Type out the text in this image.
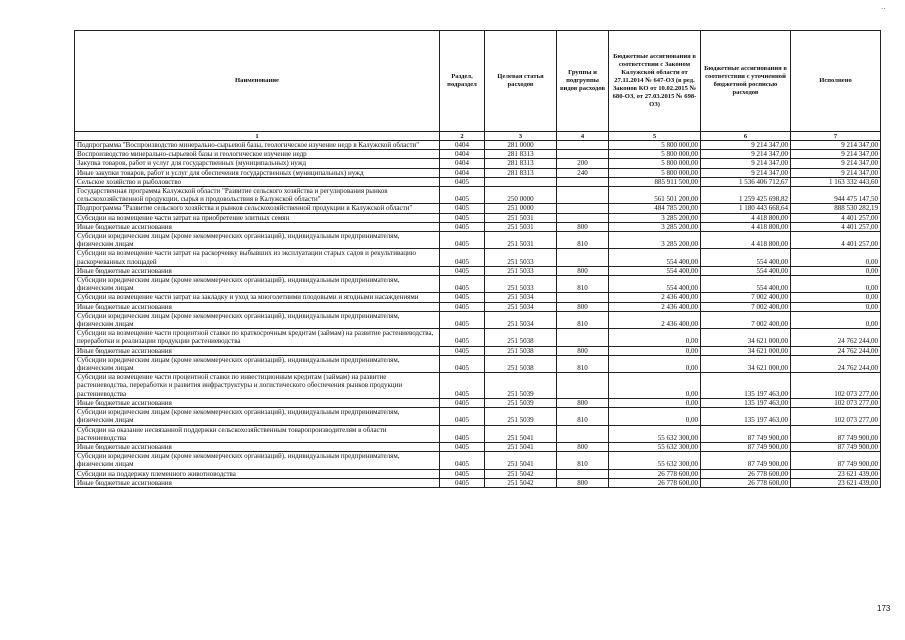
..
Наименование	Раздел, подраздел	Целевая статья расходов	Группы и подгруппы видов расходов	Бюджетные ассигнования в соответствии с Законом Калужской области от 27.11.2014 № 647-ОЗ (в ред. Законов КО от 10.02.2015 № 680-ОЗ, от 27.03.2015 № 698-ОЗ)	Бюджетные ассигнования в соответствии с уточненной бюджетной росписью расходов	Исполнено
1	2	3	4	5	6	7
Подпрограмма "Воспроизводство минерально-сырьевой базы, геологическое изучение недр в Калужской области"	0404	281 0000		5 800 000,00	9 214 347,00	9 214 347,00
Воспроизводство минерально-сырьевой базы и геологическое изучение недр	0404	281 8313		5 800 000,00	9 214 347,00	9 214 347,00
Закупка товаров, работ и услуг для государственных (муниципальных) нужд	0404	281 8313	200	5 800 000,00	9 214 347,00	9 214 347,00
Иные закупки товаров, работ и услуг для обеспечения государственных (муниципальных) нужд	0404	281 8313	240	5 800 000,00	9 214 347,00	9 214 347,00
Сельское хозяйство и рыболовство	0405			885 911 500,00	1 536 406 712,67	1 163 332 443,60
Государственная программа Калужской области "Развитие сельского хозяйства и регулирования рынков сельскохозяйственной продукции, сырья и продовольствия в Калужской области"	0405	250 0000		561 501 200,00	1 259 425 698,82	944 475 147,50
Подпрограмма "Развитие сельского хозяйства и рынков сельскохозяйственной продукции в Калужской области"	0405	251 0000		484 785 200,00	1 180 443 668,64	888 530 282,19
Субсидии на возмещение части затрат на приобретение элитных семян	0405	251 5031		3 285 200,00	4 418 800,00	4 401 257,00
Иные бюджетные ассигнования	0405	251 5031	800	3 285 200,00	4 418 800,00	4 401 257,00
Субсидии юридическим лицам (кроме некоммерческих организаций), индивидуальным предпринимателям, физическим лицам	0405	251 5031	810	3 285 200,00	4 418 800,00	4 401 257,00
Субсидии на возмещение части затрат на раскорчевку выбывших из эксплуатации старых садов и рекультивацию раскорчеванных площадей	0405	251 5033		554 400,00	554 400,00	0,00
Иные бюджетные ассигнования	0405	251 5033	800	554 400,00	554 400,00	0,00
Субсидии юридическим лицам (кроме некоммерческих организаций), индивидуальным предпринимателям, физическим лицам	0405	251 5033	810	554 400,00	554 400,00	0,00
Субсидии на возмещение части затрат на закладку и уход за многолетними плодовыми и ягодными насаждениями	0405	251 5034		2 436 400,00	7 002 400,00	0,00
Иные бюджетные ассигнования	0405	251 5034	800	2 436 400,00	7 002 400,00	0,00
Субсидии юридическим лицам (кроме некоммерческих организаций), индивидуальным предпринимателям, физическим лицам	0405	251 5034	810	2 436 400,00	7 002 400,00	0,00
Субсидии на возмещение части процентной ставки по краткосрочным кредитам (займам) на развитие растениеводства, переработки и реализации продукции растениеводства	0405	251 5038		0,00	34 621 000,00	24 762 244,00
Иные бюджетные ассигнования	0405	251 5038	800	0,00	34 621 000,00	24 762 244,00
Субсидии юридическим лицам (кроме некоммерческих организаций), индивидуальным предпринимателям, физическим лицам	0405	251 5038	810	0,00	34 621 000,00	24 762 244,00
Субсидии на возмещение части процентной ставки по инвестиционным кредитам (займам) на развитие растениеводства, переработки и развития инфраструктуры и логистического обеспечения рынков продукции растениеводства	0405	251 5039		0,00	135 197 463,00	102 073 277,00
Иные бюджетные ассигнования	0405	251 5039	800	0,00	135 197 463,00	102 073 277,00
Субсидии юридическим лицам (кроме некоммерческих организаций), индивидуальным предпринимателям, физическим лицам	0405	251 5039	810	0,00	135 197 463,00	102 073 277,00
Субсидии на оказание несвязанной поддержки сельскохозяйственным товаропроизводителям в области растениеводства	0405	251 5041		55 632 300,00	87 749 900,00	87 749 900,00
Иные бюджетные ассигнования	0405	251 5041	800	55 632 300,00	87 749 900,00	87 749 900,00
Субсидии юридическим лицам (кроме некоммерческих организаций), индивидуальным предпринимателям, физическим лицам	0405	251 5041	810	55 632 300,00	87 749 900,00	87 749 900,00
Субсидии на поддержку племенного животноводства	0405	251 5042		26 778 600,00	26 778 600,00	23 621 439,00
Иные бюджетные ассигнования	0405	251 5042	800	26 778 600,00	26 778 600,00	23 621 439,00
173
